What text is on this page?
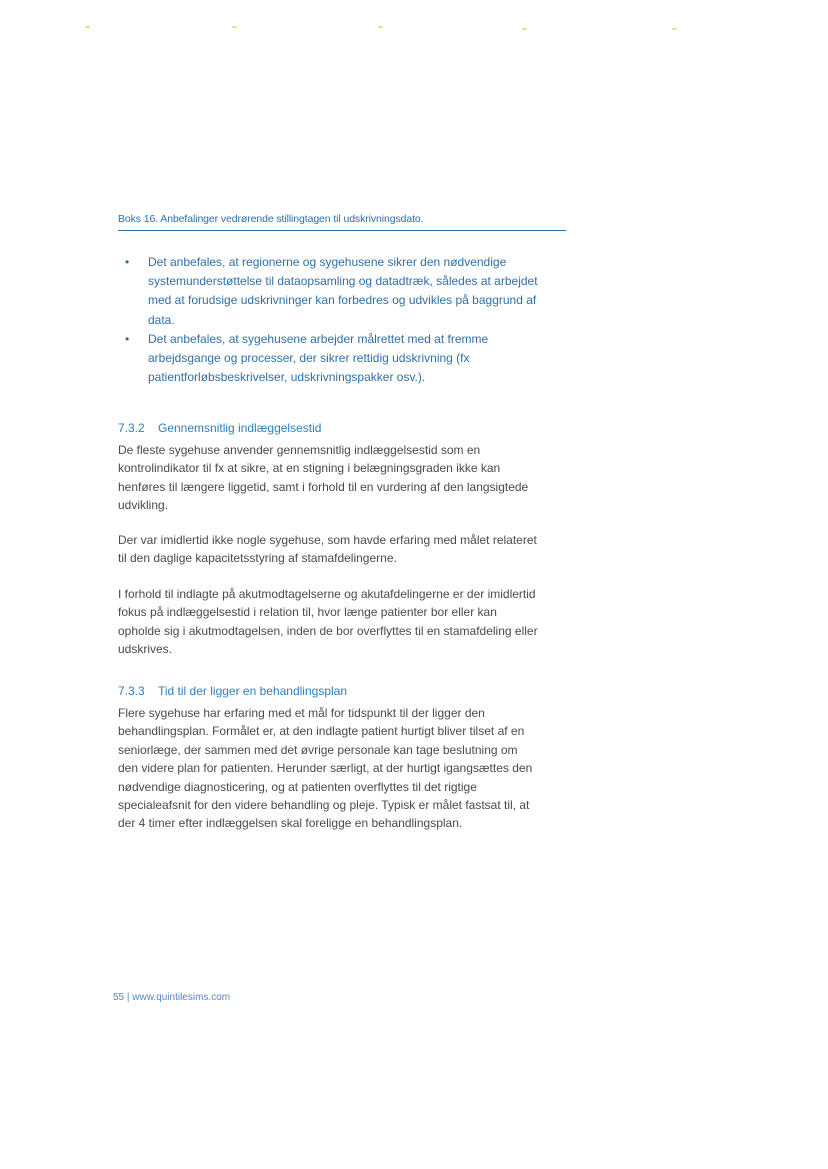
Boks 16. Anbefalinger vedrørende stillingtagen til udskrivningsdato.
• Det anbefales, at regionerne og sygehusene sikrer den nødvendige systemunderstøttelse til dataopsamling og datadtræk, således at arbejdet med at forudsige udskrivninger kan forbedres og udvikles på baggrund af data.
• Det anbefales, at sygehusene arbejder målrettet med at fremme arbejdsgange og processer, der sikrer rettidig udskrivning (fx patientforløbsbeskrivelser, udskrivningspakker osv.).
7.3.2 Gennemsnitlig indlæggelsestid

De fleste sygehuse anvender gennemsnitlig indlæggelsestid som en kontrolindikator til fx at sikre, at en stigning i belægningsgraden ikke kan henføres til længere liggetid, samt i forhold til en vurdering af den langsigtede udvikling.

Der var imidlertid ikke nogle sygehuse, som havde erfaring med målet relateret til den daglige kapacitetsstyring af stamafdelingerne.

I forhold til indlagte på akutmodtagelserne og akutafdelingerne er der imidlertid fokus på indlæggelsestid i relation til, hvor længe patienter bor eller kan opholde sig i akutmodtagelsen, inden de bor overflyttes til en stamafdeling eller udskrives.

7.3.3 Tid til der ligger en behandlingsplan

Flere sygehuse har erfaring med et mål for tidspunkt til der ligger den behandlingsplan. Formålet er, at den indlagte patient hurtigt bliver tilset af en seniorlæge, der sammen med det øvrige personale kan tage beslutning om den videre plan for patienten. Herunder særligt, at der hurtigt igangsættes den nødvendige diagnosticering, og at patienten overflyttes til det rigtige specialeafsnit for den videre behandling og pleje. Typisk er målet fastsat til, at der 4 timer efter indlæggelsen skal foreligge en behandlingsplan.

55 | www.quintilesims.com
